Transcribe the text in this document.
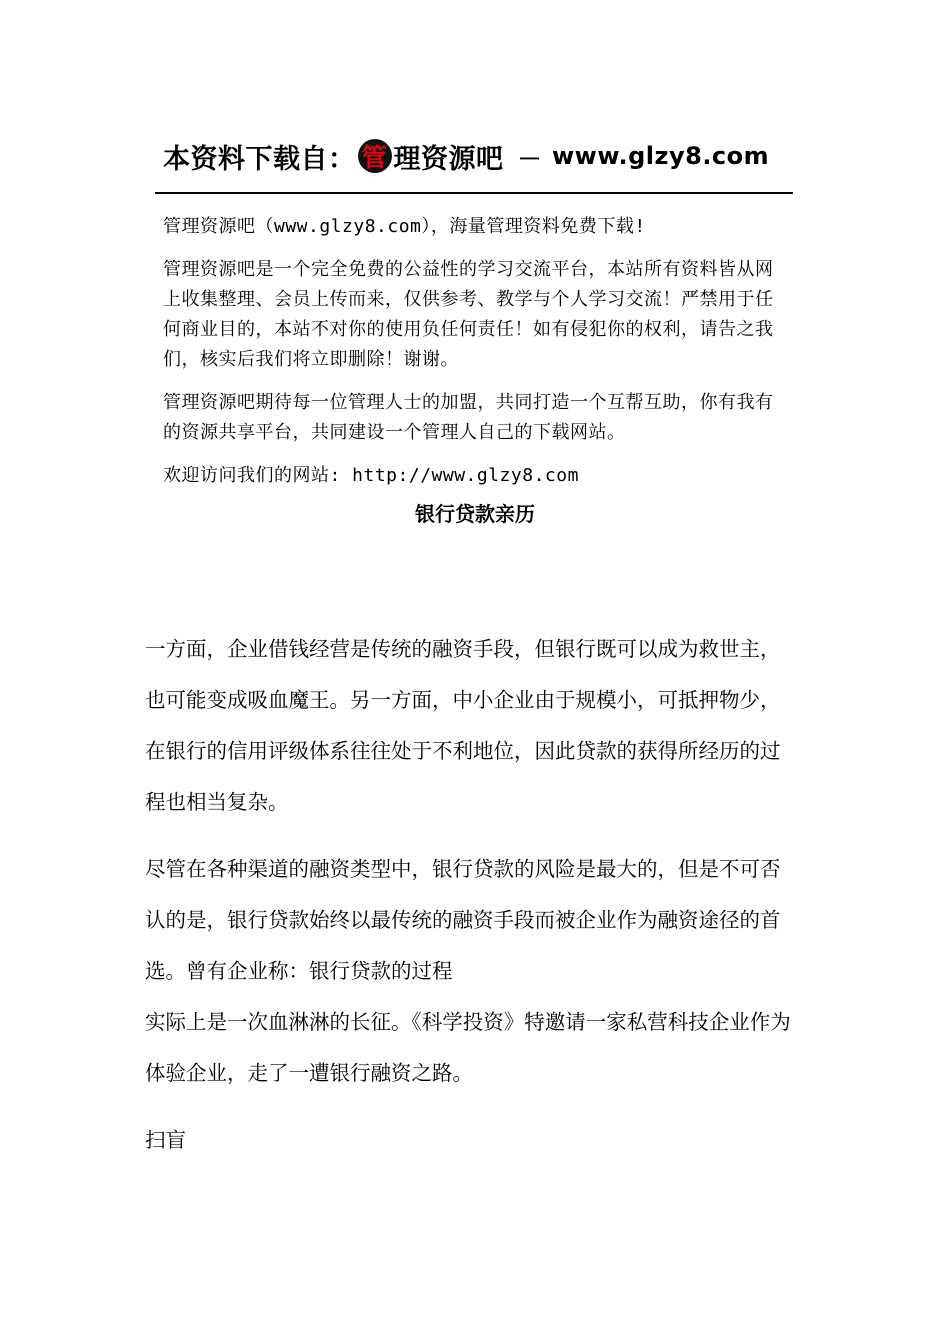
本资料下载自： 管 理资源吧 － www.glzy8.com

管理资源吧（www.glzy8.com），海量管理资料免费下载!

管理资源吧是一个完全免费的公益性的学习交流平台，本站所有资料皆从网上收集整理、会员上传而来，仅供参考、教学与个人学习交流！严禁用于任何商业目的，本站不对你的使用负任何责任！如有侵犯你的权利，请告之我们，核实后我们将立即删除！谢谢。

管理资源吧期待每一位管理人士的加盟，共同打造一个互帮互助，你有我有的资源共享平台，共同建设一个管理人自己的下载网站。

欢迎访问我们的网站: http://www.glzy8.com

银行贷款亲历

一方面，企业借钱经营是传统的融资手段，但银行既可以成为救世主，也可能变成吸血魔王。另一方面，中小企业由于规模小，可抵押物少，在银行的信用评级体系往往处于不利地位，因此贷款的获得所经历的过程也相当复杂。

尽管在各种渠道的融资类型中，银行贷款的风险是最大的，但是不可否认的是，银行贷款始终以最传统的融资手段而被企业作为融资途径的首选。曾有企业称：银行贷款的过程

实际上是一次血淋淋的长征。《科学投资》特邀请一家私营科技企业作为体验企业，走了一遭银行融资之路。

扫盲
